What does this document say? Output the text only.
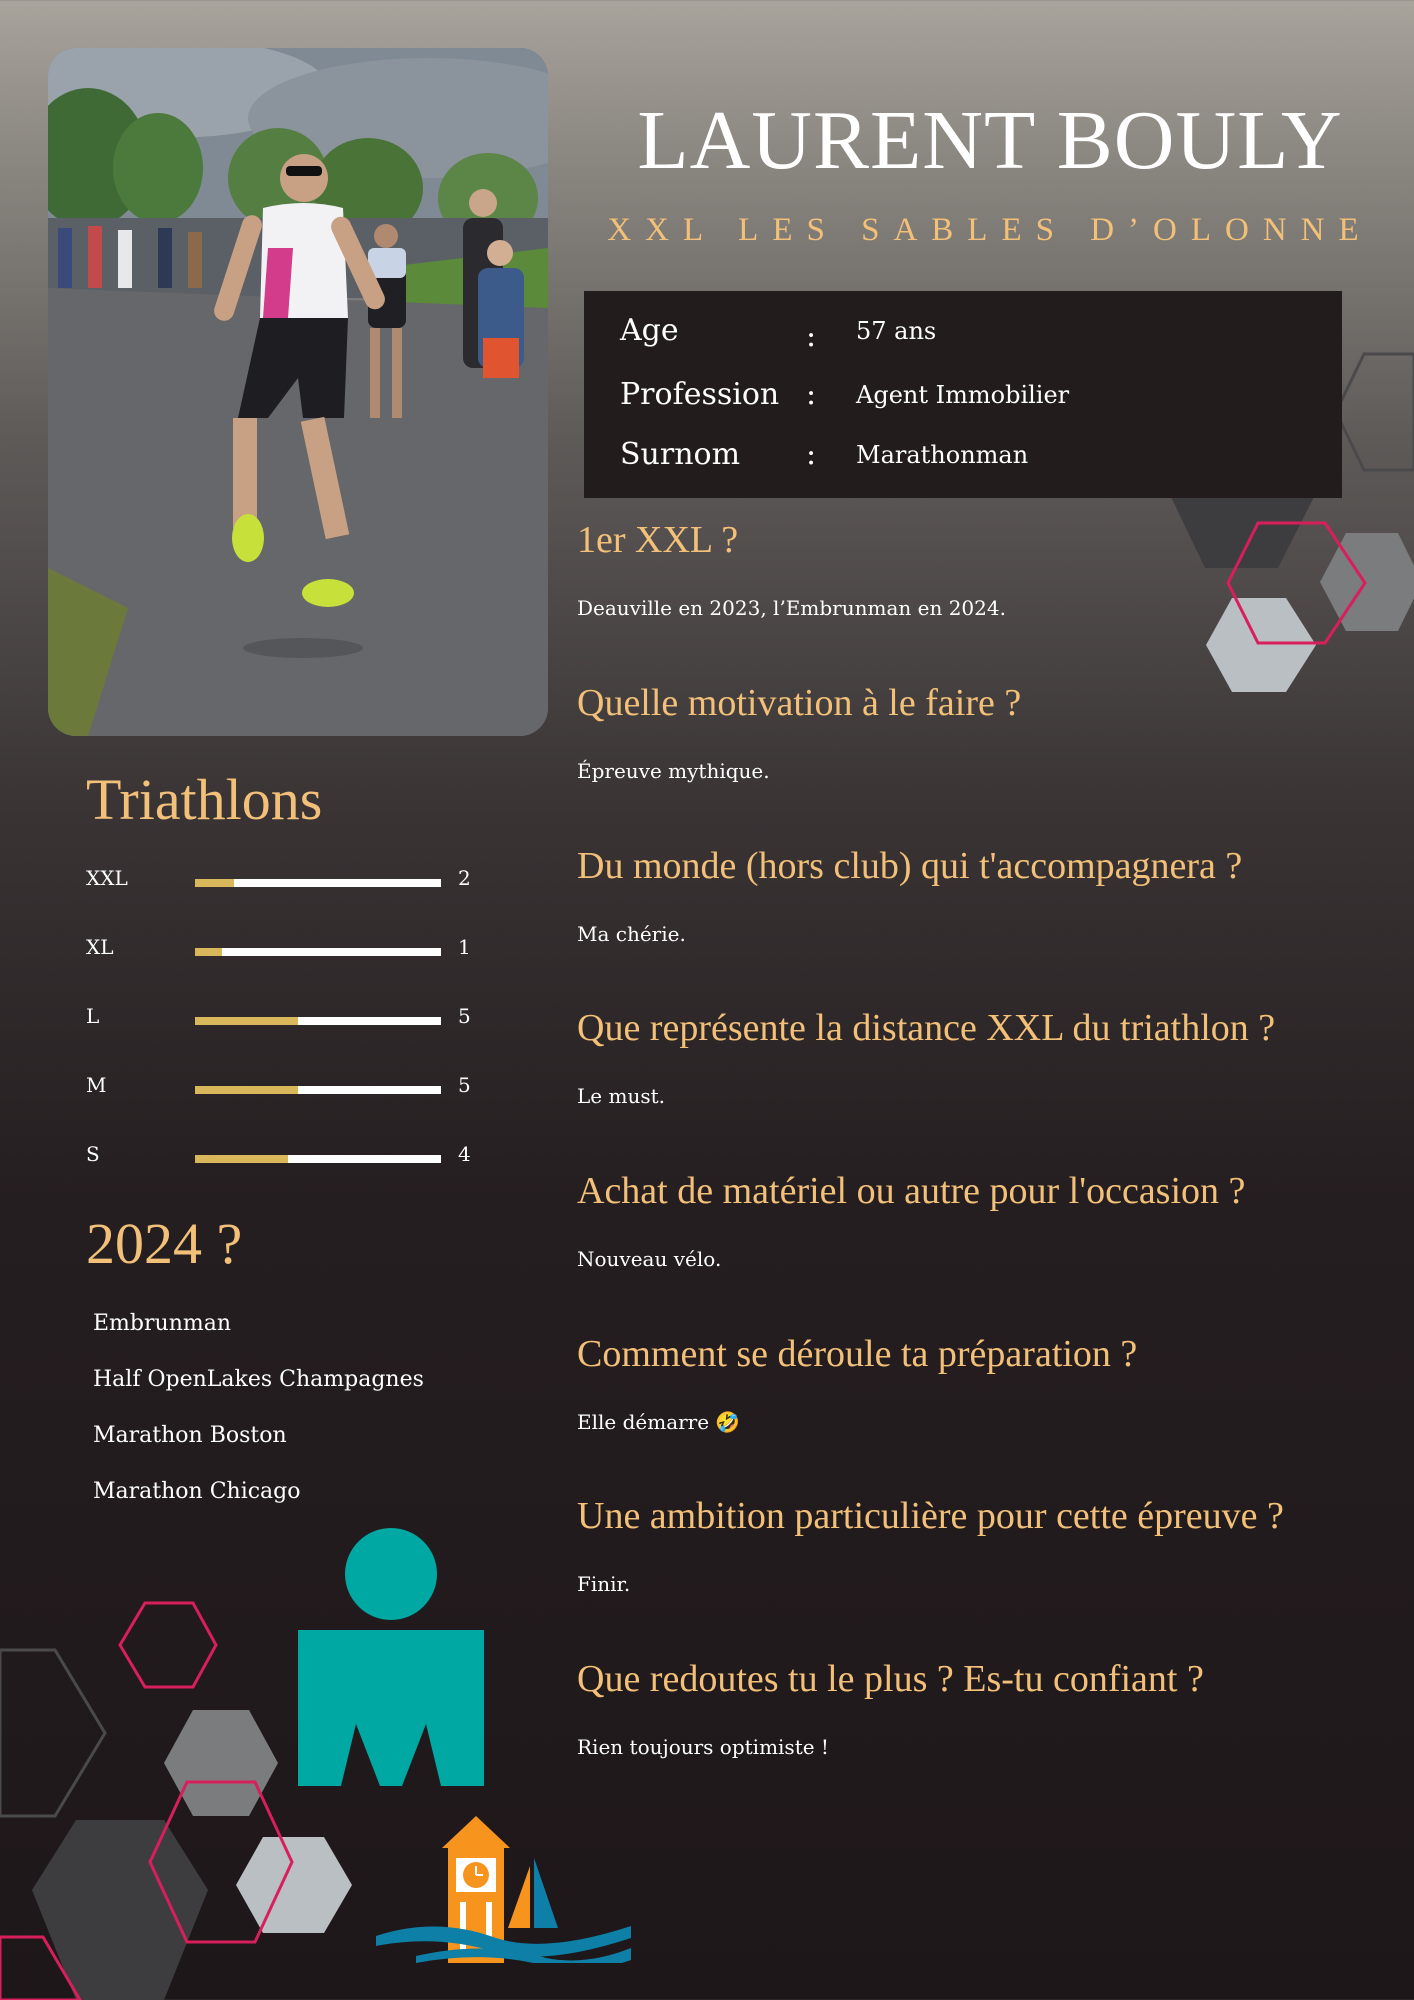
LAURENT BOULY
XXL LES SABLES D’OLONNE
Age	: 57 ans
Profession : Agent Immobilier
Surnom	: Marathonman

1er XXL ?

Deauville en 2023, l’Embrunman en 2024.

Quelle motivation à le faire ?

Épreuve mythique.

Du monde (hors club) qui t'accompagnera ?

Ma chérie.

Que représente la distance XXL du triathlon ?

Le must.

Achat de matériel ou autre pour l'occasion ?

Nouveau vélo.

Comment se déroule ta préparation ?

Elle démarre 🤣

Une ambition particulière pour cette épreuve ?

Finir.

Que redoutes tu le plus ? Es-tu confiant ?

Rien toujours optimiste !

Triathlons
XXL	2
XL	1
L	5
M	5
S	4
2024 ?
Embrunman
Half OpenLakes Champagnes
Marathon Boston
Marathon Chicago
